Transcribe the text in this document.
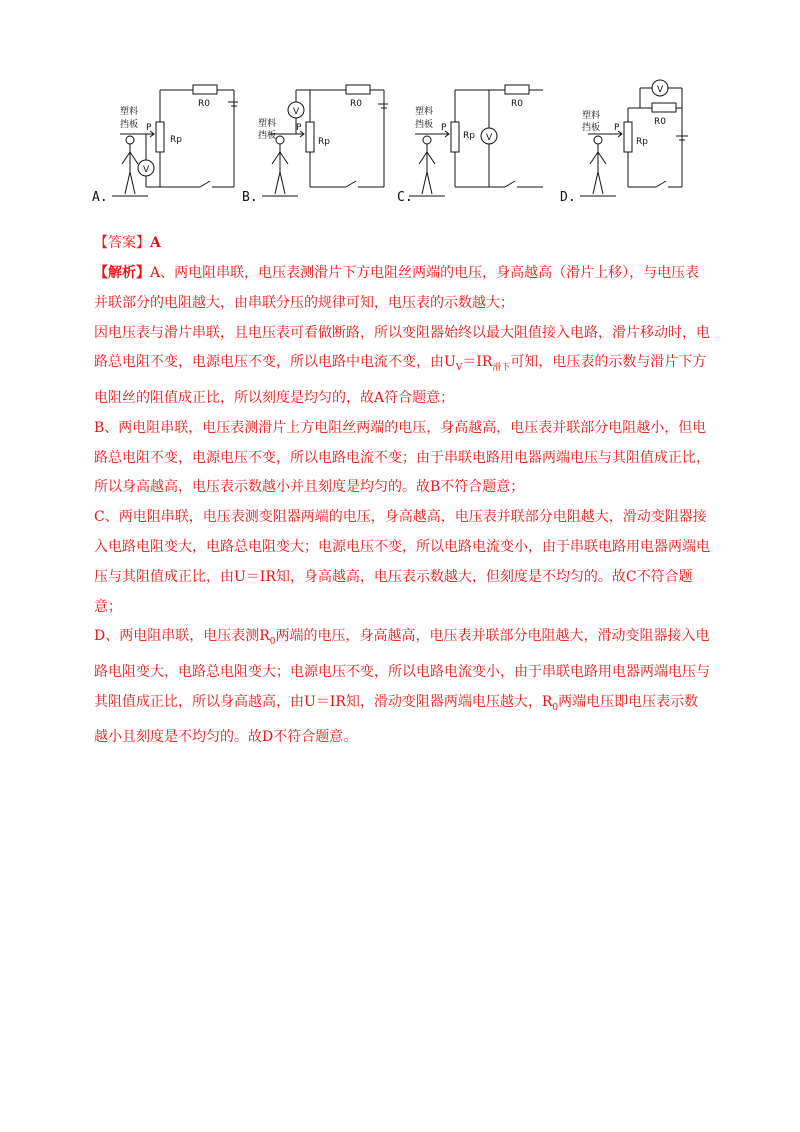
塑料
挡板 P
Rp
R0
V
A.
塑料
挡板
P
Rp
R0
V
B.
塑料
挡板 P
Rp
R0
V
C.
塑料
挡板 P
Rp
R0
V
D.
【答案】A

【解析】A、两电阻串联，电压表测滑片下方电阻丝两端的电压，身高越高（滑片上移），与电压表并联部分的电阻越大，由串联分压的规律可知，电压表的示数越大；

因电压表与滑片串联，且电压表可看做断路，所以变阻器始终以最大阻值接入电路，滑片移动时，电路总电阻不变，电源电压不变，所以电路中电流不变，由$U_V=IR_{滑下}$可知，电压表的示数与滑片下方电阻丝的阻值成正比，所以刻度是均匀的，故A符合题意；

B、两电阻串联，电压表测滑片上方电阻丝两端的电压，身高越高，电压表并联部分电阻越小，但电路总电阻不变，电源电压不变，所以电路电流不变；由于串联电路用电器两端电压与其阻值成正比，所以身高越高，电压表示数越小并且刻度是均匀的。故B不符合题意；

C、两电阻串联，电压表测变阻器两端的电压，身高越高，电压表并联部分电阻越大，滑动变阻器接入电路电阻变大，电路总电阻变大；电源电压不变，所以电路电流变小，由于串联电路用电器两端电压与其阻值成正比，由U＝IR知，身高越高，电压表示数越大，但刻度是不均匀的。故C不符合题意；

D、两电阻串联，电压表测$R_0$两端的电压，身高越高，电压表并联部分电阻越大，滑动变阻器接入电路电阻变大，电路总电阻变大；电源电压不变，所以电路电流变小，由于串联电路用电器两端电压与其阻值成正比，所以身高越高，由U＝IR知，滑动变阻器两端电压越大，$R_0$两端电压即电压表示数越小且刻度是不均匀的。故D不符合题意。
